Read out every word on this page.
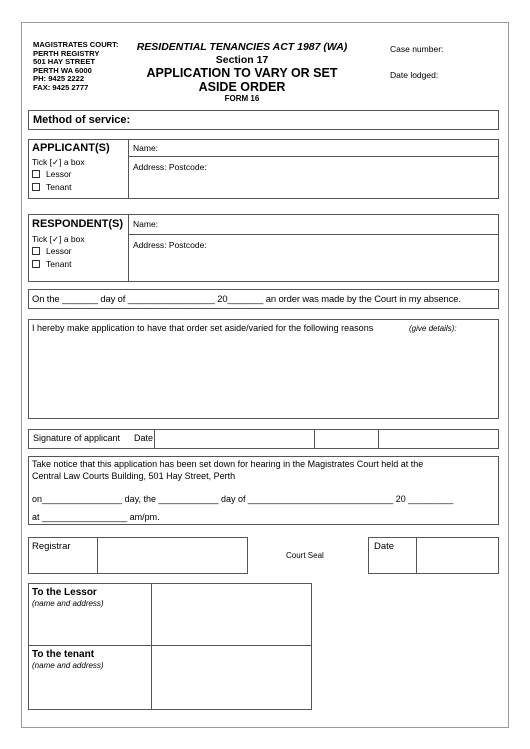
MAGISTRATES COURT:
PERTH REGISTRY
501 HAY STREET
PERTH WA 6000
PH: 9425 2222
FAX: 9425 2777
RESIDENTIAL TENANCIES ACT 1987 (WA)
Section 17
APPLICATION TO VARY OR SET
ASIDE ORDER
FORM 16
Case number:
Date lodged:
Method of service:
APPLICANT(S)
Tick [✓] a box
Lessor
Tenant
Name:
Address: Postcode:
RESPONDENT(S)
Tick [✓] a box
Lessor
Tenant
Name:
Address: Postcode:
On the _______ day of _________________ 20_______ an order was made by the Court in my absence.
I hereby make application to have that order set aside/varied for the following reasons	(give details):
Signature of applicant Date
Take notice that this application has been set down for hearing in the Magistrates Court held at the
Central Law Courts Building, 501 Hay Street, Perth
on________________ day, the ____________ day of _____________________________ 20 _________
at _________________ am/pm.
Registrar
Court Seal
Date
To the Lessor
(name and address)
To the tenant
(name and address)
